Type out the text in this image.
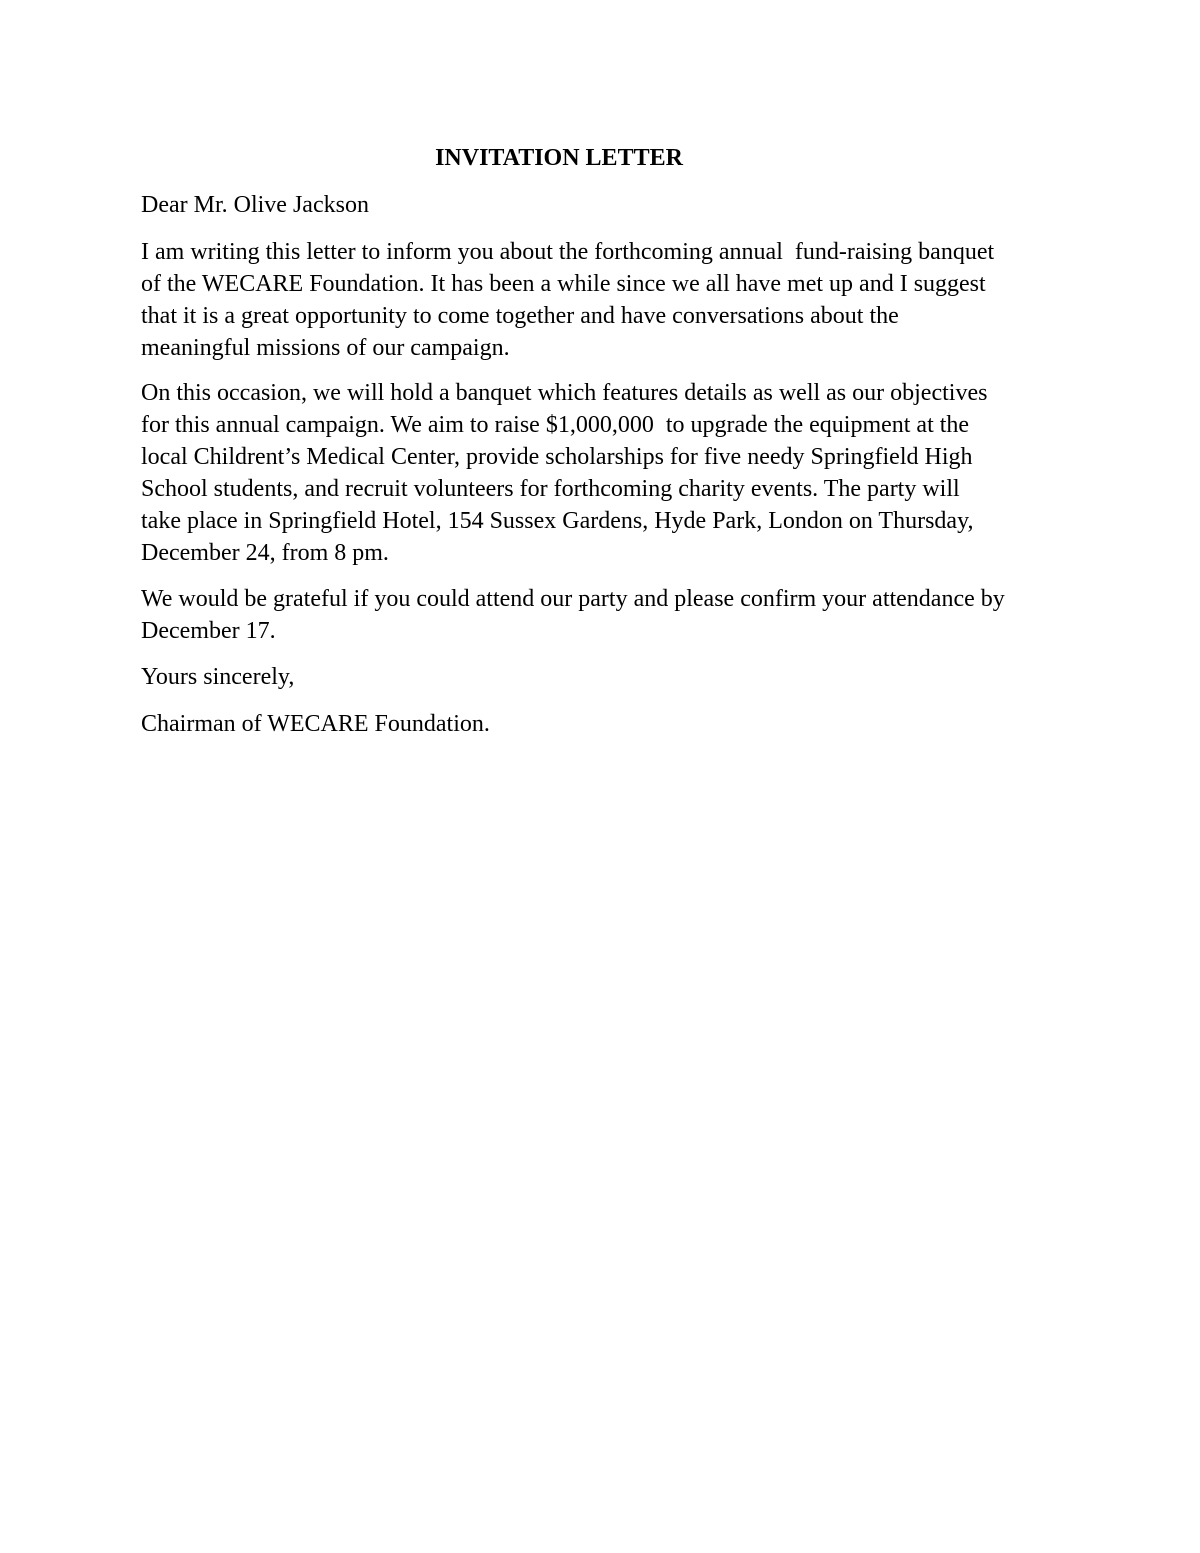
INVITATION LETTER

Dear Mr. Olive Jackson

I am writing this letter to inform you about the forthcoming annual  fund-raising banquet
of the WECARE Foundation. It has been a while since we all have met up and I suggest
that it is a great opportunity to come together and have conversations about the
meaningful missions of our campaign.
On this occasion, we will hold a banquet which features details as well as our objectives
for this annual campaign. We aim to raise $1,000,000  to upgrade the equipment at the
local Childrent’s Medical Center, provide scholarships for five needy Springfield High
School students, and recruit volunteers for forthcoming charity events. The party will
take place in Springfield Hotel, 154 Sussex Gardens, Hyde Park, London on Thursday,
December 24, from 8 pm.
We would be grateful if you could attend our party and please confirm your attendance by
December 17.

Yours sincerely,

Chairman of WECARE Foundation.
